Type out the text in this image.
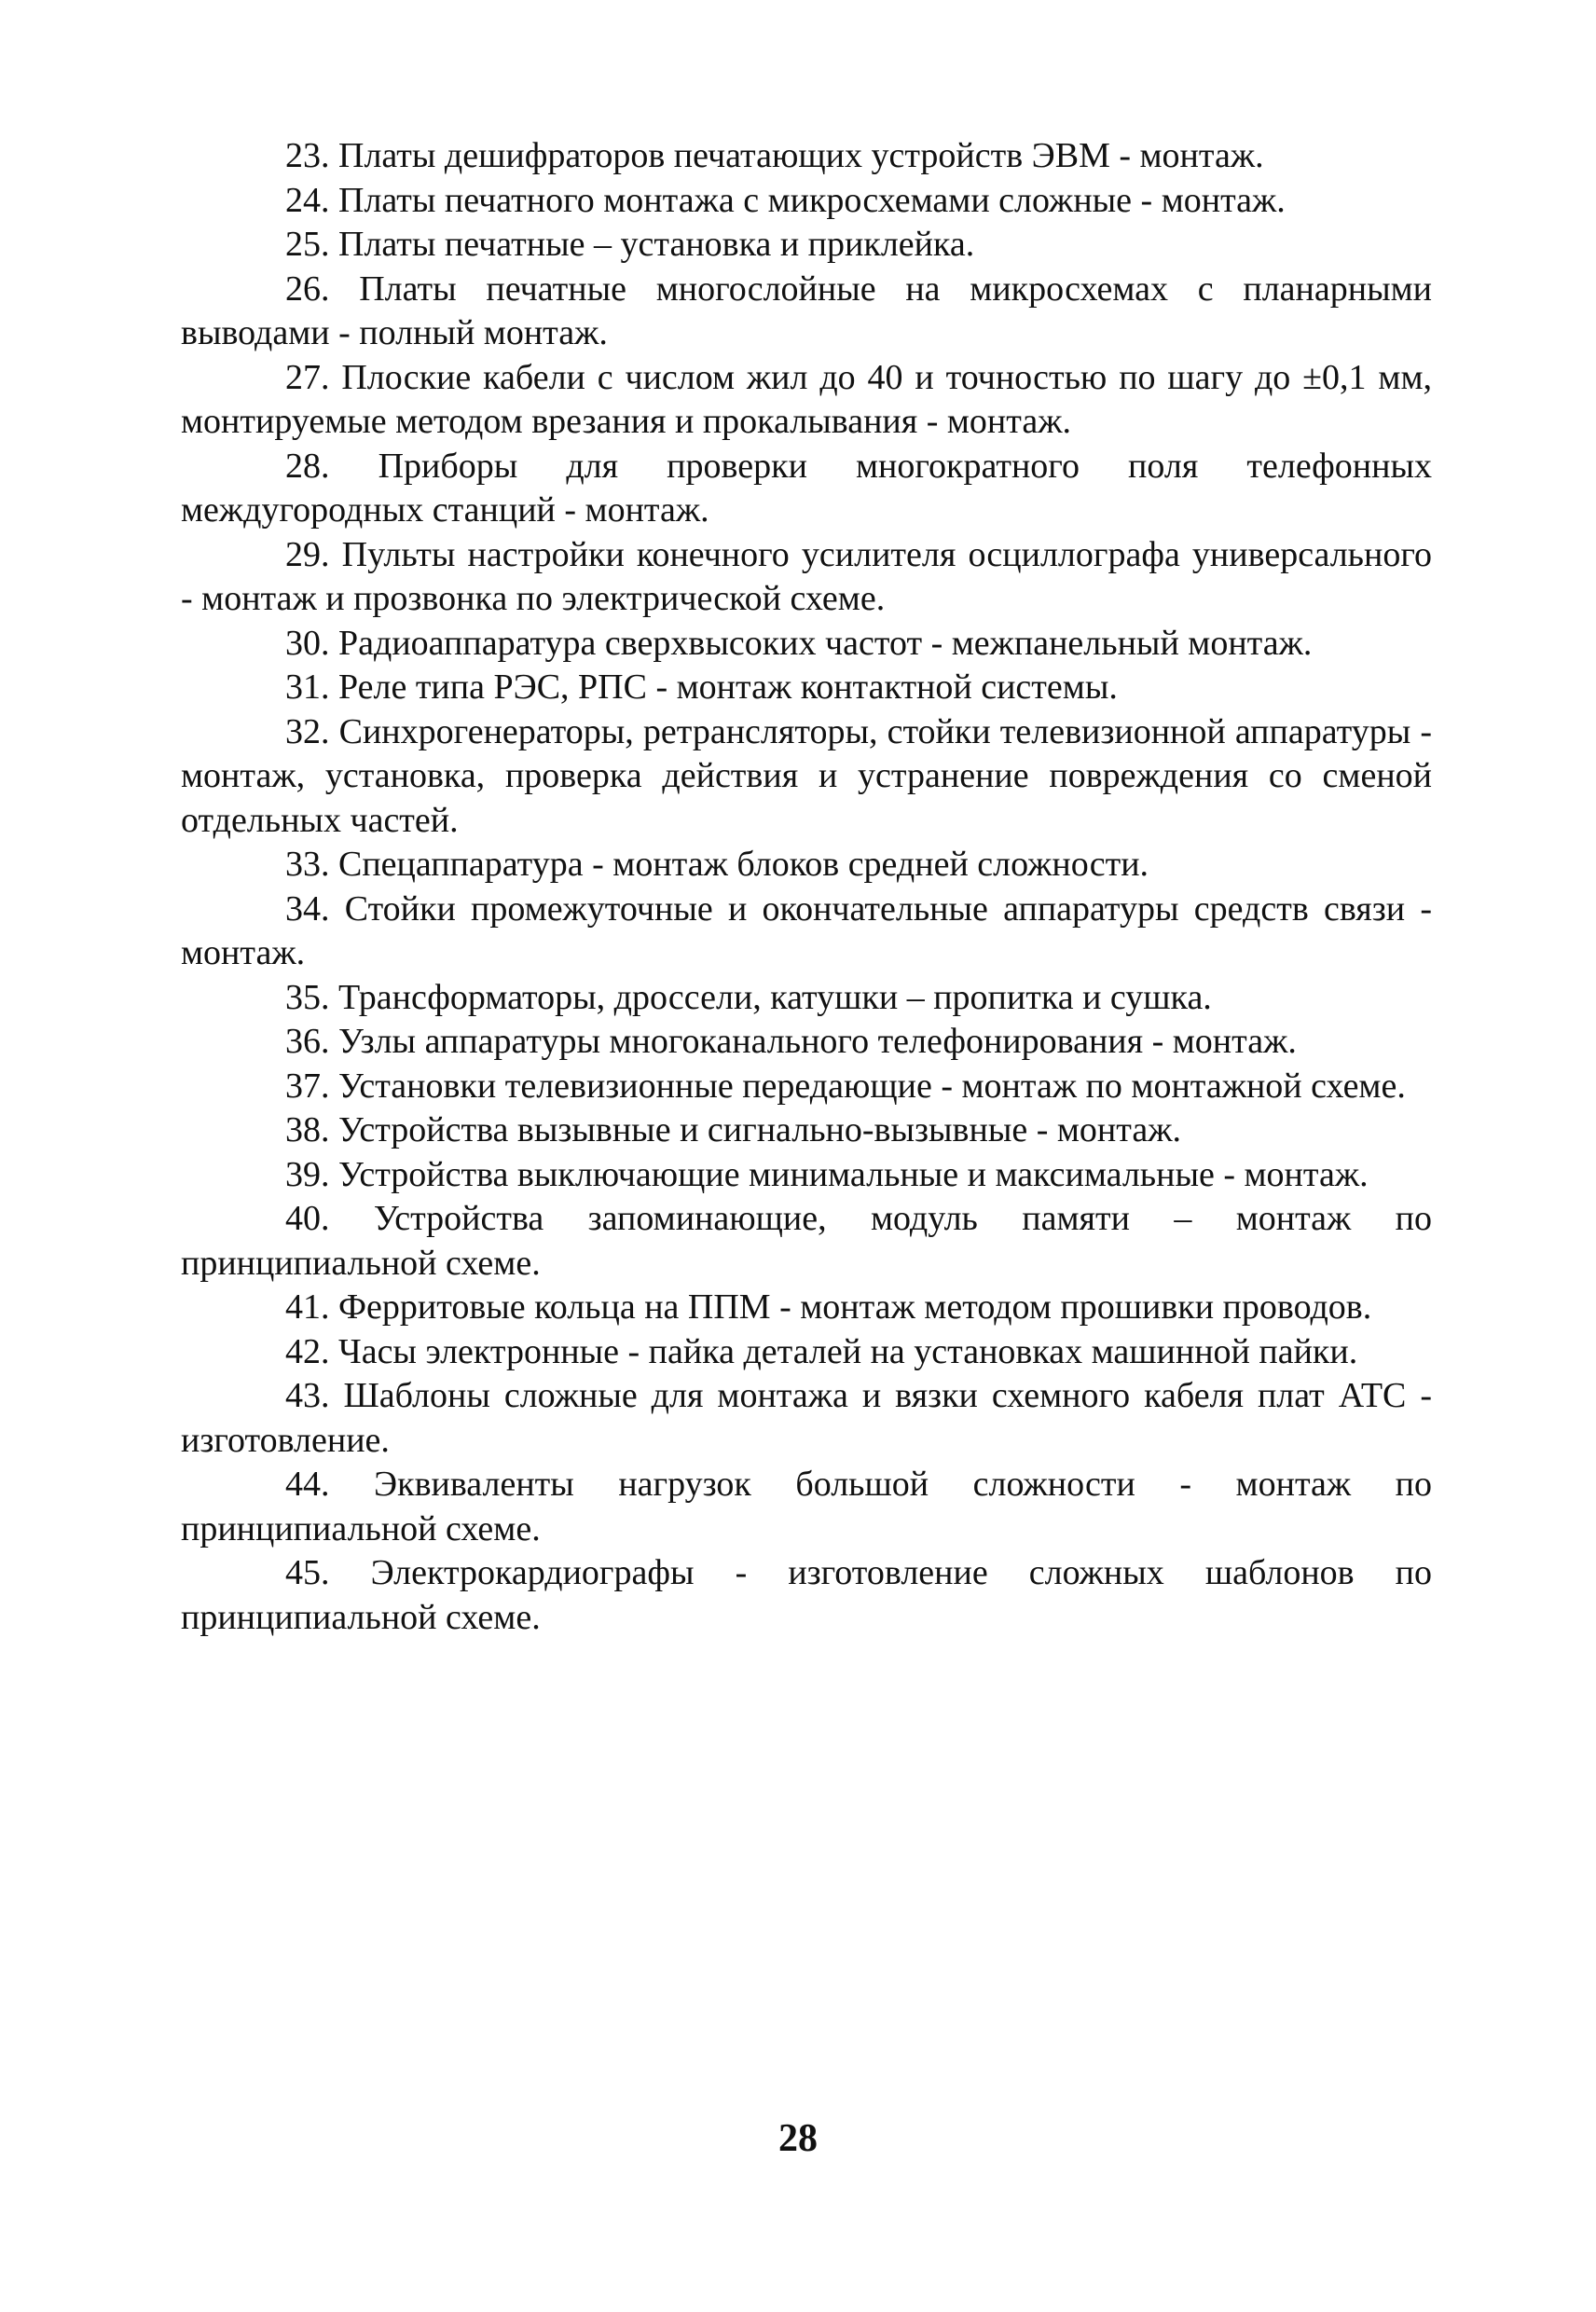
23. Платы дешифраторов печатающих устройств ЭВМ - монтаж.

24. Платы печатного монтажа с микросхемами сложные - монтаж.

25. Платы печатные – установка и приклейка.

26. Платы печатные многослойные на микросхемах с планарными выводами - полный монтаж.

27. Плоские кабели с числом жил до 40 и точностью по шагу до ±0,1 мм, монтируемые методом врезания и прокалывания - монтаж.

28. Приборы для проверки многократного поля телефонных междугородных станций - монтаж.

29. Пульты настройки конечного усилителя осциллографа универсального - монтаж и прозвонка по электрической схеме.

30. Радиоаппаратура сверхвысоких частот - межпанельный монтаж.

31. Реле типа РЭС, РПС - монтаж контактной системы.

32. Синхрогенераторы, ретрансляторы, стойки телевизионной аппаратуры - монтаж, установка, проверка действия и устранение повреждения со сменой отдельных частей.

33. Спецаппаратура - монтаж блоков средней сложности.

34. Стойки промежуточные и окончательные аппаратуры средств связи - монтаж.

35. Трансформаторы, дроссели, катушки – пропитка и сушка.

36. Узлы аппаратуры многоканального телефонирования - монтаж.

37. Установки телевизионные передающие - монтаж по монтажной схеме.

38. Устройства вызывные и сигнально-вызывные - монтаж.

39. Устройства выключающие минимальные и максимальные - монтаж.

40. Устройства запоминающие, модуль памяти – монтаж по принципиальной схеме.

41. Ферритовые кольца на ППМ - монтаж методом прошивки проводов.

42. Часы электронные - пайка деталей на установках машинной пайки.

43. Шаблоны сложные для монтажа и вязки схемного кабеля плат АТС - изготовление.

44. Эквиваленты нагрузок большой сложности - монтаж по принципиальной схеме.

45. Электрокардиографы - изготовление сложных шаблонов по принципиальной схеме.

28
